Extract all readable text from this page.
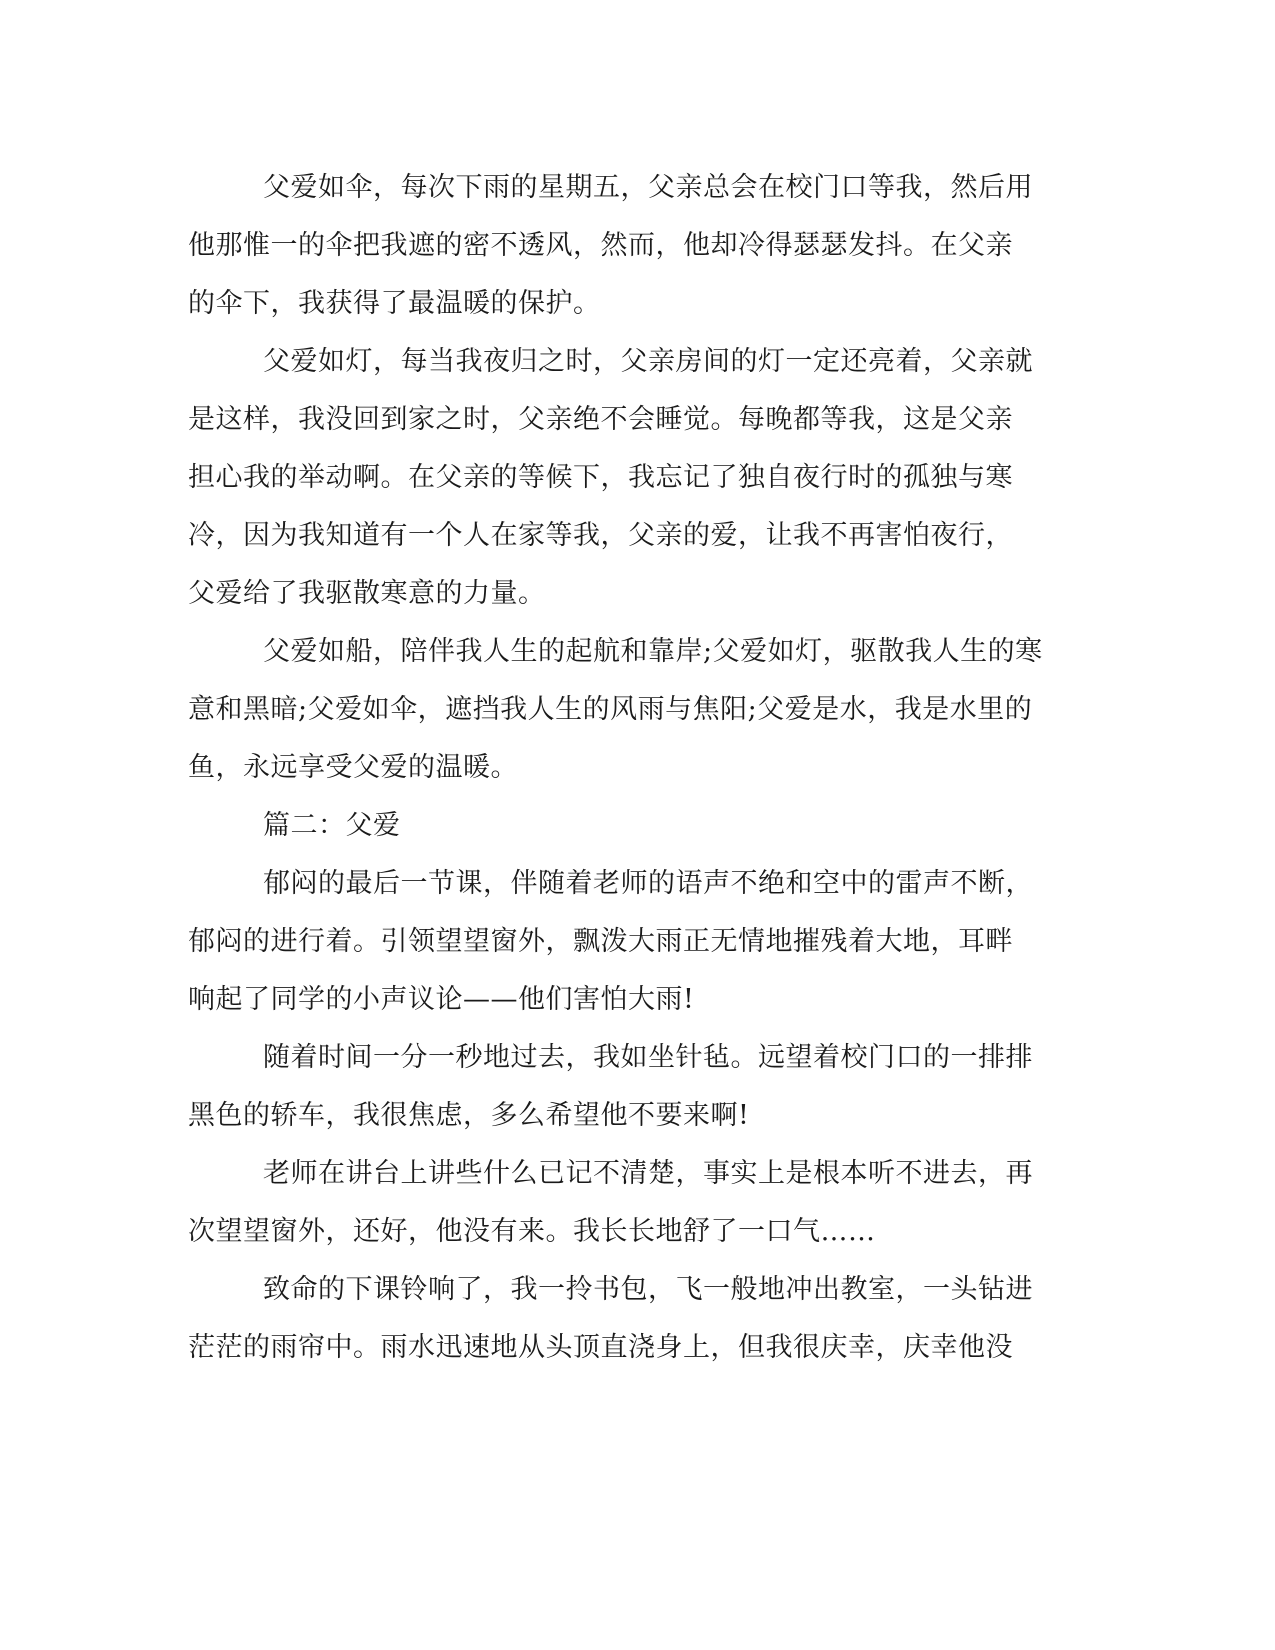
父爱如伞，每次下雨的星期五，父亲总会在校门口等我，然后用
他那惟一的伞把我遮的密不透风，然而，他却冷得瑟瑟发抖。在父亲
的伞下，我获得了最温暖的保护。
父爱如灯，每当我夜归之时，父亲房间的灯一定还亮着，父亲就
是这样，我没回到家之时，父亲绝不会睡觉。每晚都等我，这是父亲
担心我的举动啊。在父亲的等候下，我忘记了独自夜行时的孤独与寒
冷，因为我知道有一个人在家等我，父亲的爱，让我不再害怕夜行，
父爱给了我驱散寒意的力量。
父爱如船，陪伴我人生的起航和靠岸;父爱如灯，驱散我人生的寒
意和黑暗;父爱如伞，遮挡我人生的风雨与焦阳;父爱是水，我是水里的
鱼，永远享受父爱的温暖。
篇二：父爱
郁闷的最后一节课，伴随着老师的语声不绝和空中的雷声不断，
郁闷的进行着。引领望望窗外，飘泼大雨正无情地摧残着大地，耳畔
响起了同学的小声议论——他们害怕大雨!
随着时间一分一秒地过去，我如坐针毡。远望着校门口的一排排
黑色的轿车，我很焦虑，多么希望他不要来啊!
老师在讲台上讲些什么已记不清楚，事实上是根本听不进去，再
次望望窗外，还好，他没有来。我长长地舒了一口气……
致命的下课铃响了，我一拎书包，飞一般地冲出教室，一头钻进
茫茫的雨帘中。雨水迅速地从头顶直浇身上，但我很庆幸，庆幸他没
